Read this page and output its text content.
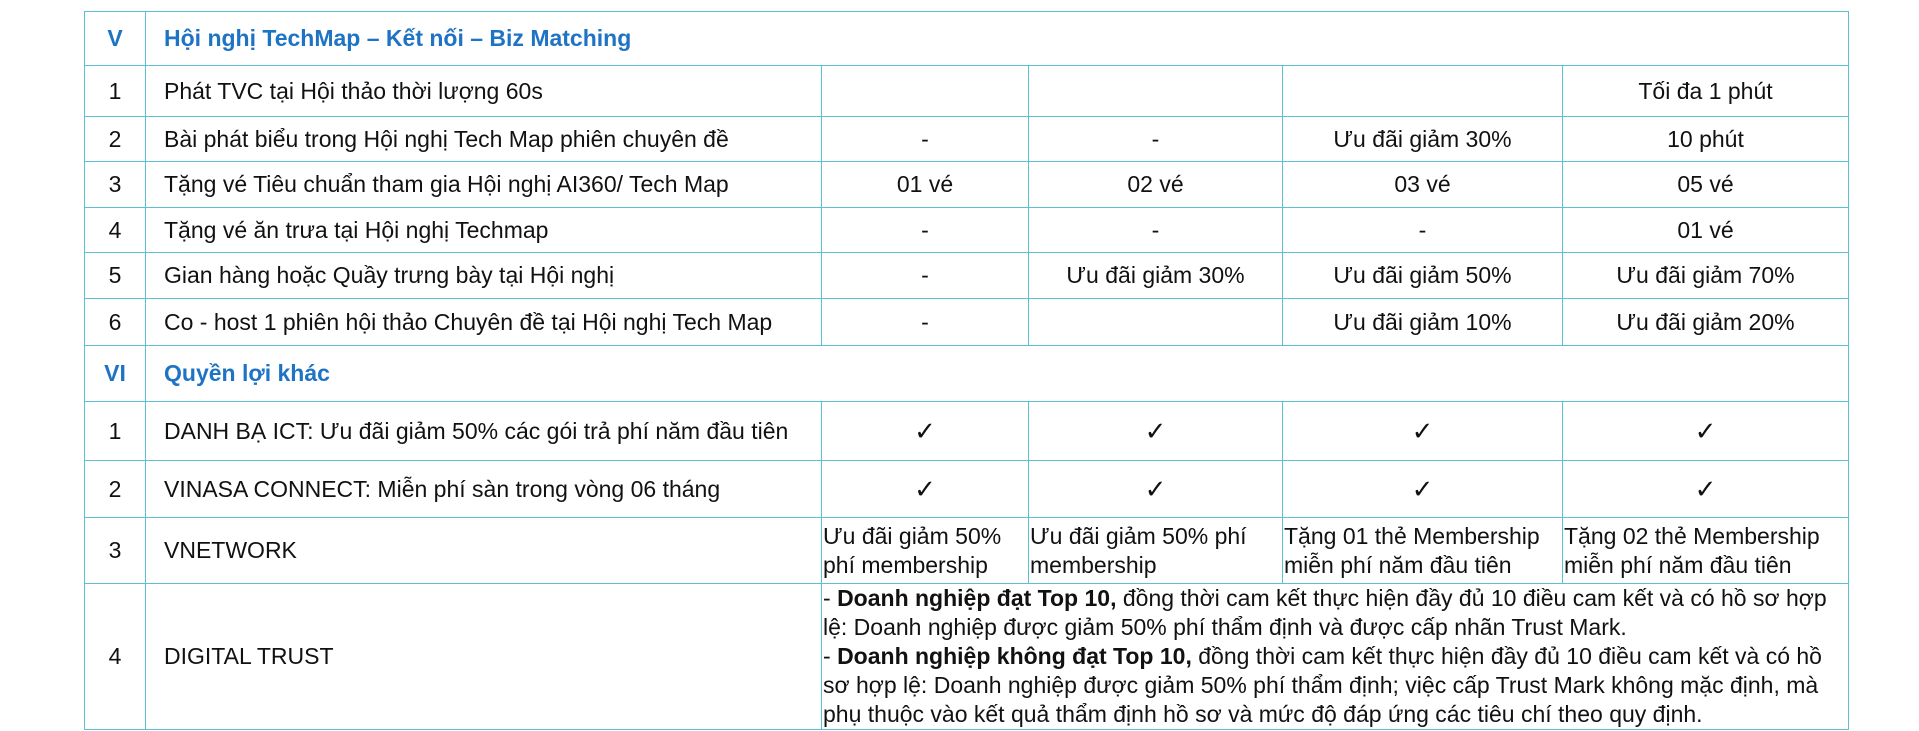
V	Hội nghị TechMap – Kết nối – Biz Matching				
1	Phát TVC tại Hội thảo thời lượng 60s				Tối đa 1 phút
2	Bài phát biểu trong Hội nghị Tech Map phiên chuyên đề	-	-	Ưu đãi giảm 30%	10 phút
3	Tặng vé Tiêu chuẩn tham gia Hội nghị AI360/ Tech Map	01 vé	02 vé	03 vé	05 vé
4	Tặng vé ăn trưa tại Hội nghị Techmap	-	-	-	01 vé
5	Gian hàng hoặc Quầy trưng bày tại Hội nghị	-	Ưu đãi giảm 30%	Ưu đãi giảm 50%	Ưu đãi giảm 70%
6	Co - host 1 phiên hội thảo Chuyên đề tại Hội nghị Tech Map	-		Ưu đãi giảm 10%	Ưu đãi giảm 20%
VI	Quyền lợi khác				
1	DANH BẠ ICT: Ưu đãi giảm 50% các gói trả phí năm đầu tiên	✓	✓	✓	✓
2	VINASA CONNECT: Miễn phí sàn trong vòng 06 tháng	✓	✓	✓	✓
3	VNETWORK	Ưu đãi giảm 50% phí membership	Ưu đãi giảm 50% phí membership	Tặng 01 thẻ Membership miễn phí năm đầu tiên	Tặng 02 thẻ Membership miễn phí năm đầu tiên
4	DIGITAL TRUST	- Doanh nghiệp đạt Top 10, đồng thời cam kết thực hiện đầy đủ 10 điều cam kết và có hồ sơ hợp lệ: Doanh nghiệp được giảm 50% phí thẩm định và được cấp nhãn Trust Mark.
- Doanh nghiệp không đạt Top 10, đồng thời cam kết thực hiện đầy đủ 10 điều cam kết và có hồ sơ hợp lệ: Doanh nghiệp được giảm 50% phí thẩm định; việc cấp Trust Mark không mặc định, mà phụ thuộc vào kết quả thẩm định hồ sơ và mức độ đáp ứng các tiêu chí theo quy định.			
